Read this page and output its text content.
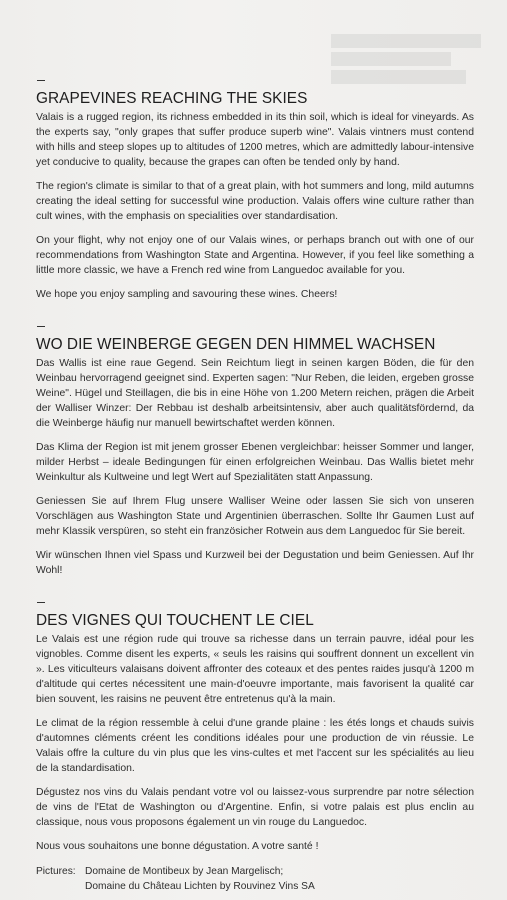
GRAPEVINES REACHING THE SKIES

Valais is a rugged region, its richness embedded in its thin soil, which is ideal for vineyards. As the experts say, "only grapes that suffer produce superb wine". Valais vintners must contend with hills and steep slopes up to altitudes of 1200 metres, which are admittedly labour-intensive yet conducive to quality, because the grapes can often be tended only by hand.

The region's climate is similar to that of a great plain, with hot summers and long, mild autumns creating the ideal setting for successful wine production. Valais offers wine culture rather than cult wines, with the emphasis on specialities over standardisation.

On your flight, why not enjoy one of our Valais wines, or perhaps branch out with one of our recommendations from Washington State and Argentina. However, if you feel like something a little more classic, we have a French red wine from Languedoc available for you.

We hope you enjoy sampling and savouring these wines. Cheers!

WO DIE WEINBERGE GEGEN DEN HIMMEL WACHSEN

Das Wallis ist eine raue Gegend. Sein Reichtum liegt in seinen kargen Böden, die für den Weinbau hervorragend geeignet sind. Experten sagen: "Nur Reben, die leiden, ergeben grosse Weine". Hügel und Steillagen, die bis in eine Höhe von 1.200 Metern reichen, prägen die Arbeit der Walliser Winzer: Der Rebbau ist deshalb arbeitsintensiv, aber auch qualitätsfördernd, da die Weinberge häufig nur manuell bewirtschaftet werden können.

Das Klima der Region ist mit jenem grosser Ebenen vergleichbar: heisser Sommer und langer, milder Herbst – ideale Bedingungen für einen erfolgreichen Weinbau. Das Wallis bietet mehr Weinkultur als Kultweine und legt Wert auf Spezialitäten statt Anpassung.

Geniessen Sie auf Ihrem Flug unsere Walliser Weine oder lassen Sie sich von unseren Vorschlägen aus Washington State und Argentinien überraschen. Sollte Ihr Gaumen Lust auf mehr Klassik verspüren, so steht ein französicher Rotwein aus dem Languedoc für Sie bereit.

Wir wünschen Ihnen viel Spass und Kurzweil bei der Degustation und beim Geniessen. Auf Ihr Wohl!

DES VIGNES QUI TOUCHENT LE CIEL

Le Valais est une région rude qui trouve sa richesse dans un terrain pauvre, idéal pour les vignobles. Comme disent les experts, « seuls les raisins qui souffrent donnent un excellent vin ». Les viticulteurs valaisans doivent affronter des coteaux et des pentes raides jusqu'à 1200 m d'altitude qui certes nécessitent une main-d'oeuvre importante, mais favorisent la qualité car bien souvent, les raisins ne peuvent être entretenus qu'à la main.

Le climat de la région ressemble à celui d'une grande plaine : les étés longs et chauds suivis d'automnes cléments créent les conditions idéales pour une production de vin réussie. Le Valais offre la culture du vin plus que les vins-cultes et met l'accent sur les spécialités au lieu de la standardisation.

Dégustez nos vins du Valais pendant votre vol ou laissez-vous surprendre par notre sélection de vins de l'Etat de Washington ou d'Argentine. Enfin, si votre palais est plus enclin au classique, nous vous proposons également un vin rouge du Languedoc.

Nous vous souhaitons une bonne dégustation. A votre santé !

Pictures: Domaine de Montibeux by Jean Margelisch;
Domaine du Château Lichten by Rouvinez Vins SA
